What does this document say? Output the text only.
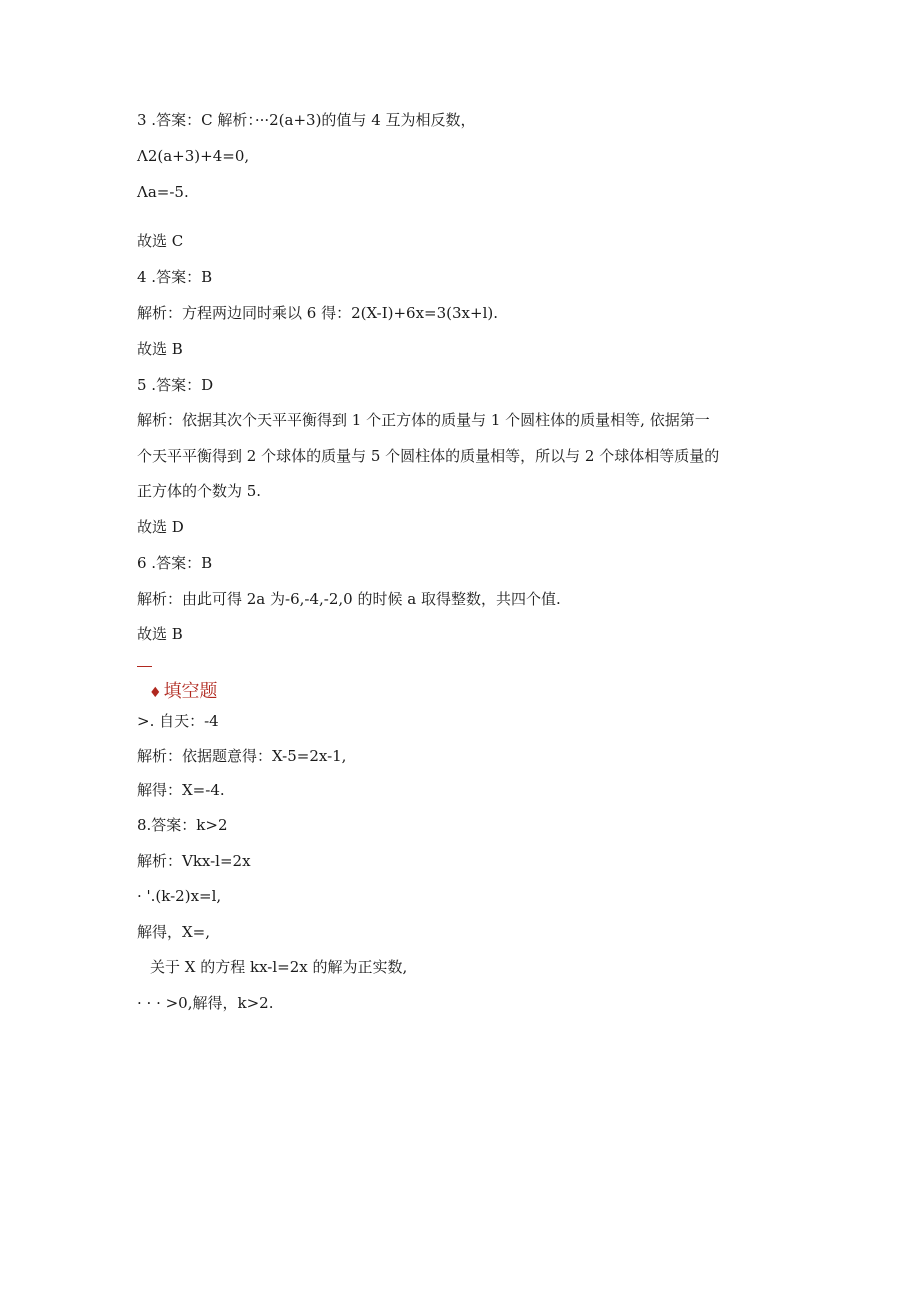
3 .答案：C 解析：···2(a+3)的值与 4 互为相反数，
Λ2(a+3)+4=0,
Λa=-5.
故选 C
4 .答案：B
解析：方程两边同时乘以 6 得：2(X-I)+6x=3(3x+l).
故选 B
5 .答案：D
解析：依据其次个天平平衡得到 1 个正方体的质量与 1 个圆柱体的质量相等, 依据第一
个天平平衡得到 2 个球体的质量与 5 个圆柱体的质量相等，所以与 2 个球体相等质量的
正方体的个数为 5.
故选 D
6 .答案：B
解析：由此可得 2a 为-6,-4,-2,0 的时候 a 取得整数，共四个值.
故选 B
♦ 填空题
>. 自天：-4
解析：依据题意得：X-5=2x-1,
解得：X=-4.
8.答案：k>2
解析：Vkx-l=2x
· '.(k-2)x=l,
解得，X=,
关于 X 的方程 kx-l=2x 的解为正实数,
· · · >0,解得，k>2.
